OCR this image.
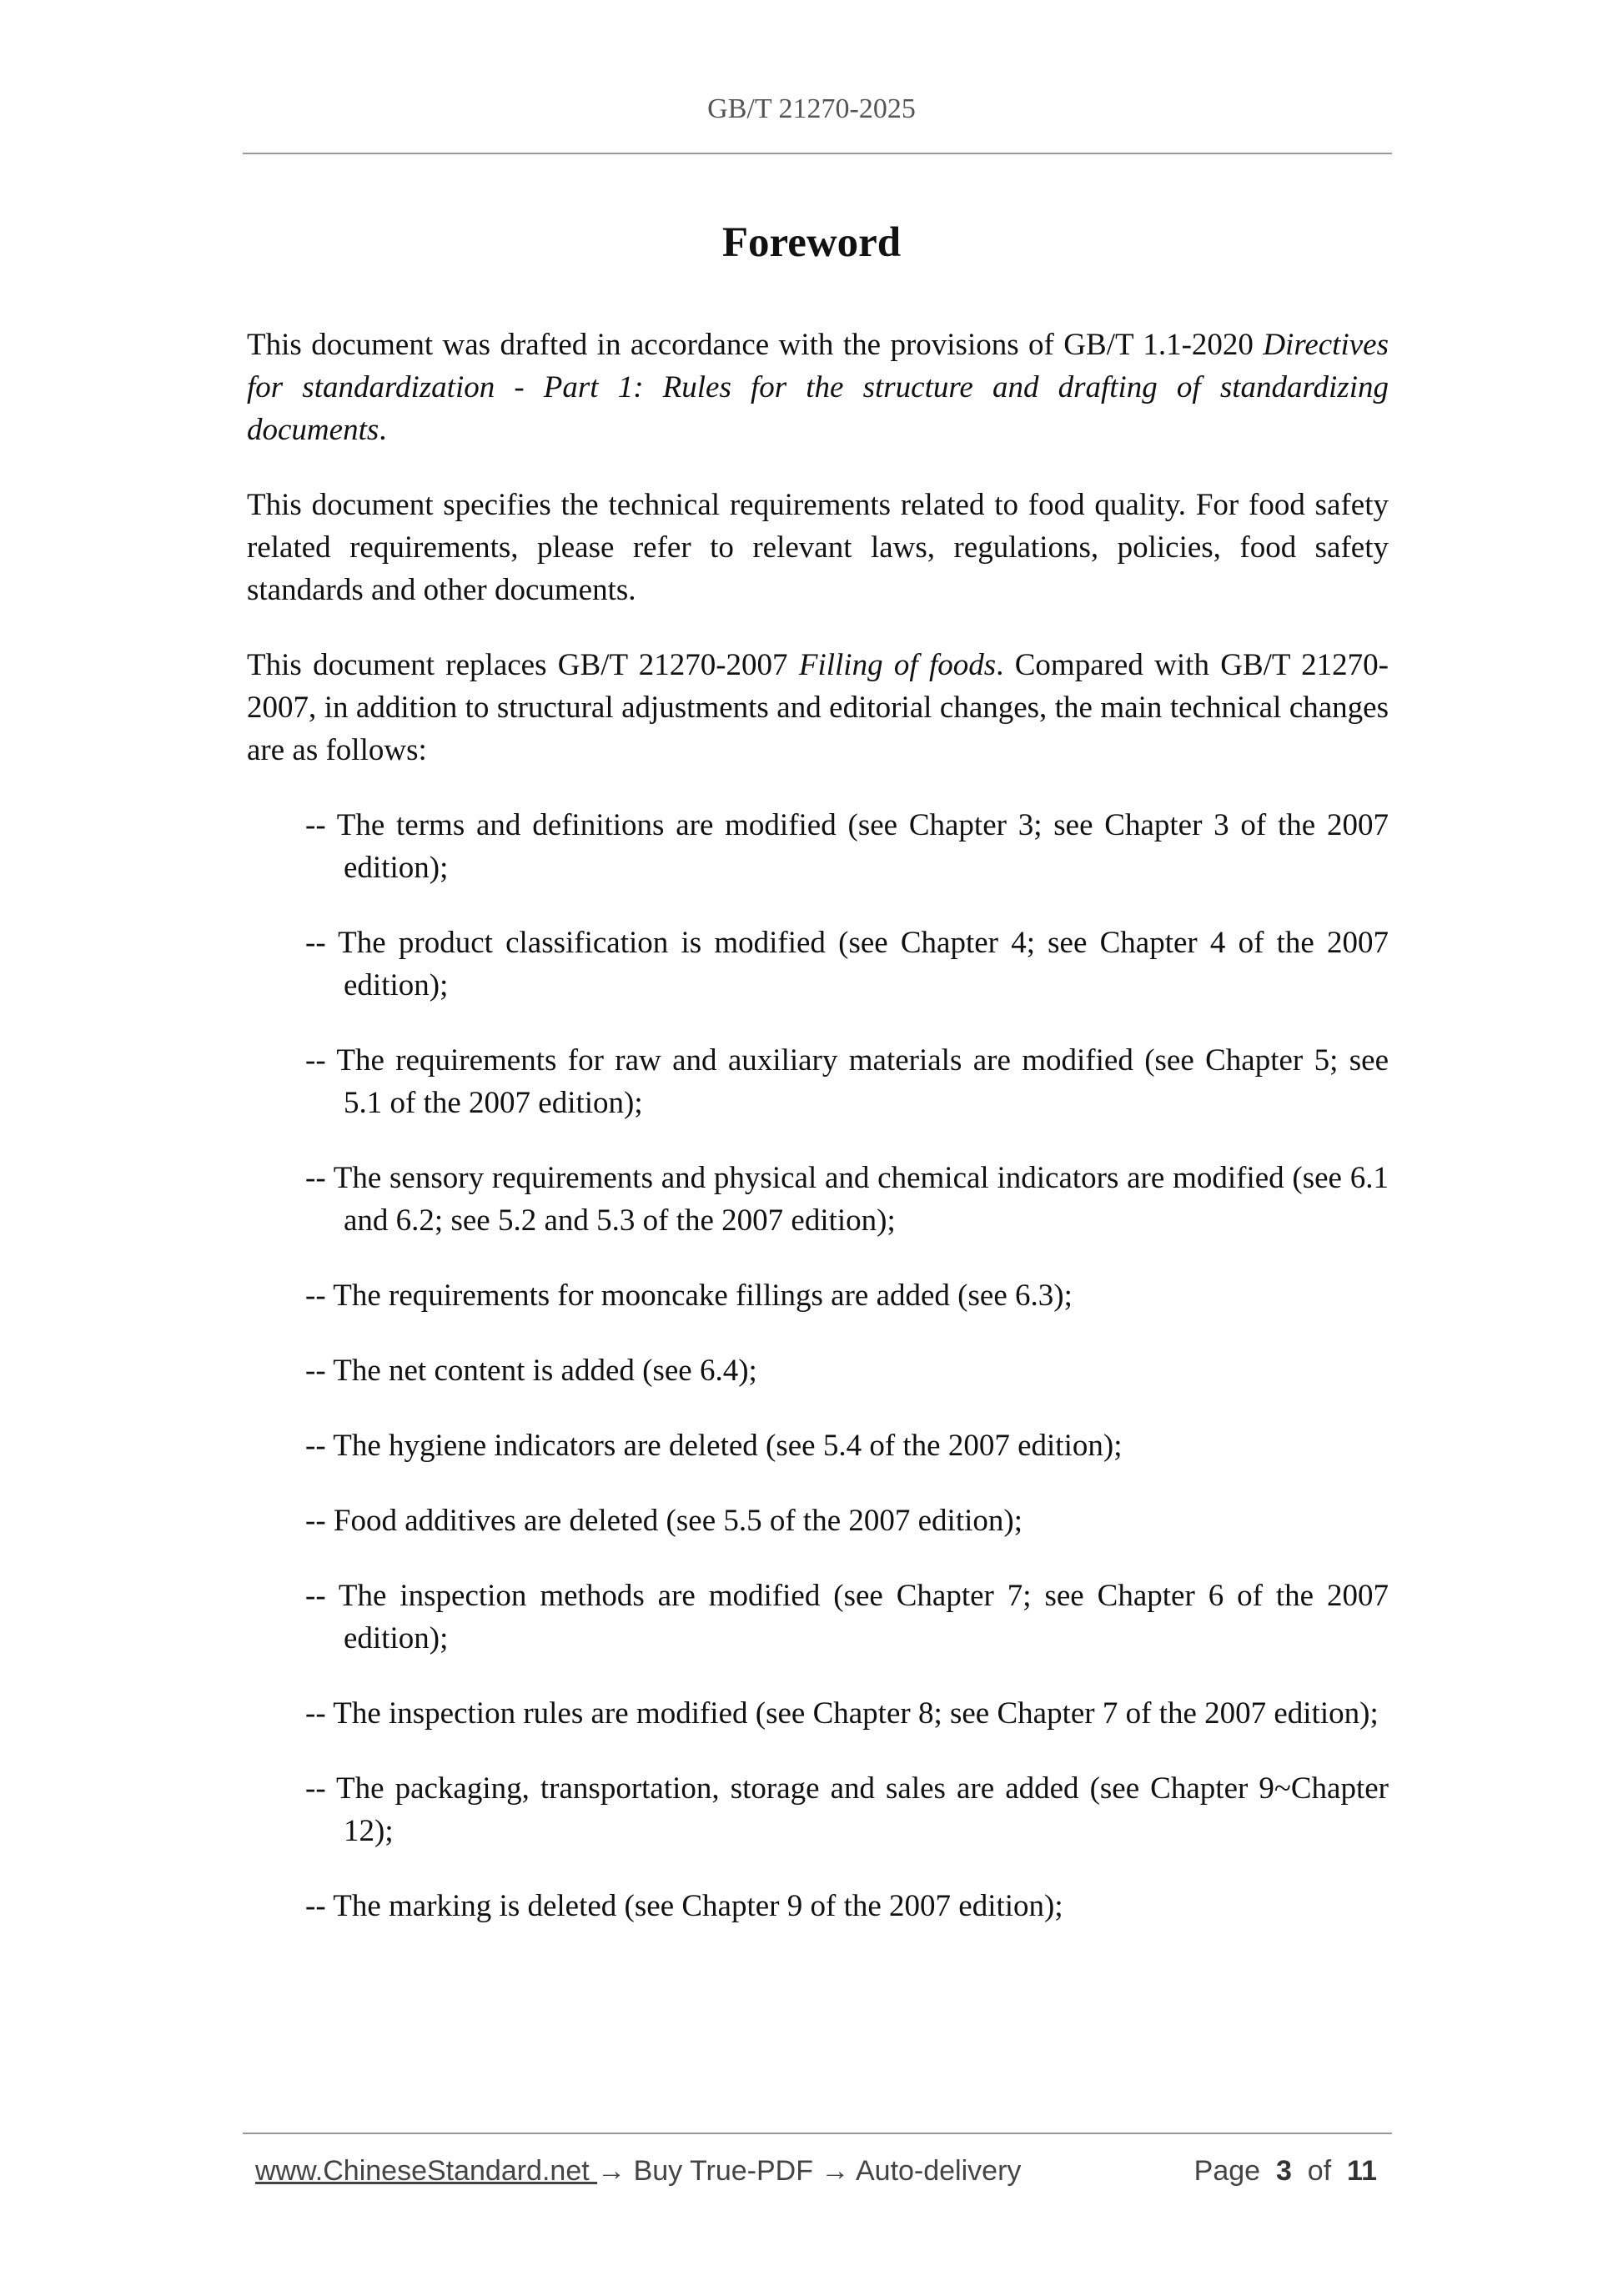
GB/T 21270-2025
Foreword

This document was drafted in accordance with the provisions of GB/T 1.1-2020 Directives for standardization - Part 1: Rules for the structure and drafting of standardizing documents.

This document specifies the technical requirements related to food quality. For food safety related requirements, please refer to relevant laws, regulations, policies, food safety standards and other documents.

This document replaces GB/T 21270-2007 Filling of foods. Compared with GB/T 21270-2007, in addition to structural adjustments and editorial changes, the main technical changes are as follows:

-- The terms and definitions are modified (see Chapter 3; see Chapter 3 of the 2007 edition);
-- The product classification is modified (see Chapter 4; see Chapter 4 of the 2007 edition);
-- The requirements for raw and auxiliary materials are modified (see Chapter 5; see 5.1 of the 2007 edition);
-- The sensory requirements and physical and chemical indicators are modified (see 6.1 and 6.2; see 5.2 and 5.3 of the 2007 edition);
-- The requirements for mooncake fillings are added (see 6.3);
-- The net content is added (see 6.4);
-- The hygiene indicators are deleted (see 5.4 of the 2007 edition);
-- Food additives are deleted (see 5.5 of the 2007 edition);
-- The inspection methods are modified (see Chapter 7; see Chapter 6 of the 2007 edition);
-- The inspection rules are modified (see Chapter 8; see Chapter 7 of the 2007 edition);
-- The packaging, transportation, storage and sales are added (see Chapter 9~Chapter 12);
-- The marking is deleted (see Chapter 9 of the 2007 edition);
www.ChineseStandard.net → Buy True-PDF → Auto-delivery	Page 3 of 11
